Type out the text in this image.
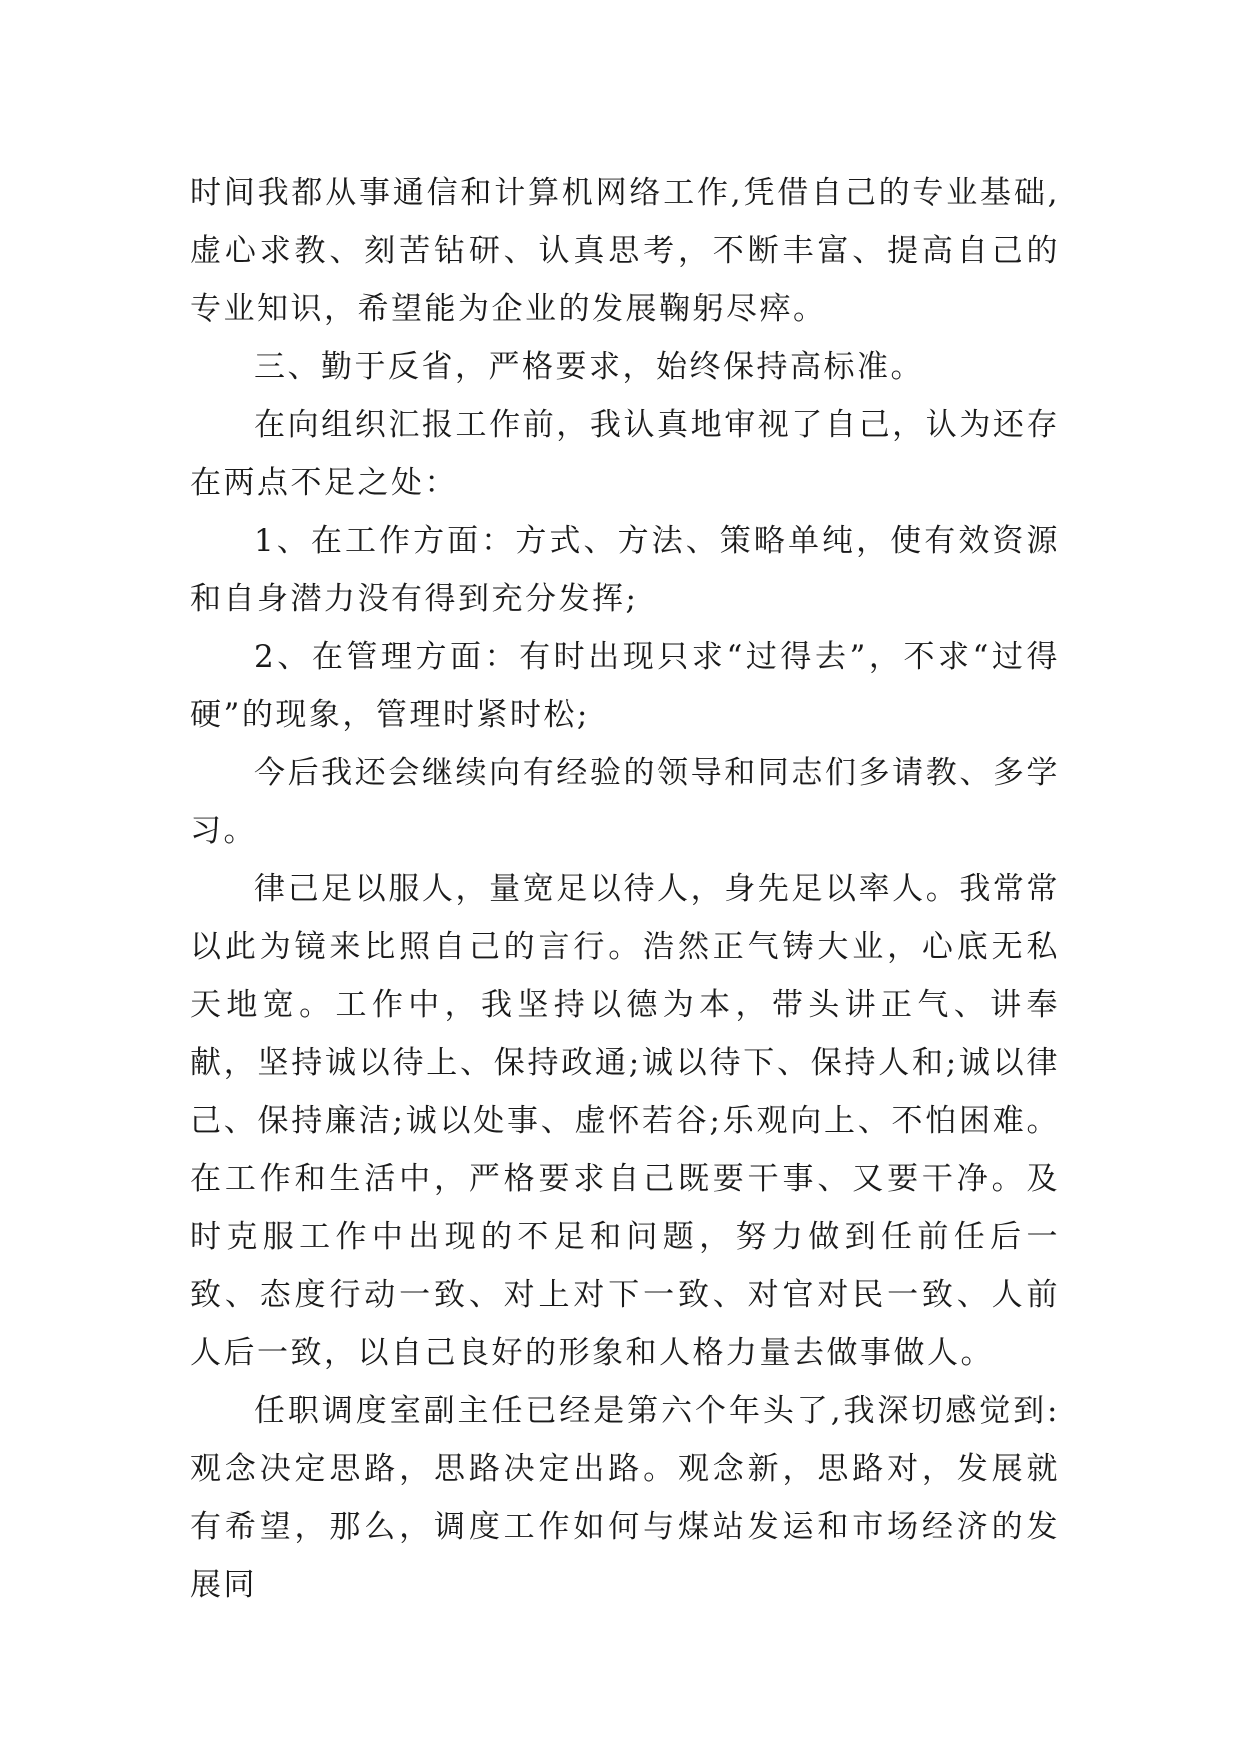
时间我都从事通信和计算机网络工作,凭借自己的专业基础,虚心求教、刻苦钻研、认真思考，不断丰富、提高自己的专业知识，希望能为企业的发展鞠躬尽瘁。

三、勤于反省，严格要求，始终保持高标准。

在向组织汇报工作前，我认真地审视了自己，认为还存在两点不足之处：

1、在工作方面：方式、方法、策略单纯，使有效资源和自身潜力没有得到充分发挥;

2、在管理方面：有时出现只求“过得去”，不求“过得硬”的现象，管理时紧时松;

今后我还会继续向有经验的领导和同志们多请教、多学习。

律己足以服人，量宽足以待人，身先足以率人。我常常以此为镜来比照自己的言行。浩然正气铸大业，心底无私天地宽。工作中，我坚持以德为本，带头讲正气、讲奉献，坚持诚以待上、保持政通;诚以待下、保持人和;诚以律己、保持廉洁;诚以处事、虚怀若谷;乐观向上、不怕困难。在工作和生活中，严格要求自己既要干事、又要干净。及时克服工作中出现的不足和问题，努力做到任前任后一致、态度行动一致、对上对下一致、对官对民一致、人前人后一致，以自己良好的形象和人格力量去做事做人。

任职调度室副主任已经是第六个年头了,我深切感觉到:观念决定思路，思路决定出路。观念新，思路对，发展就有希望，那么，调度工作如何与煤站发运和市场经济的发展同
